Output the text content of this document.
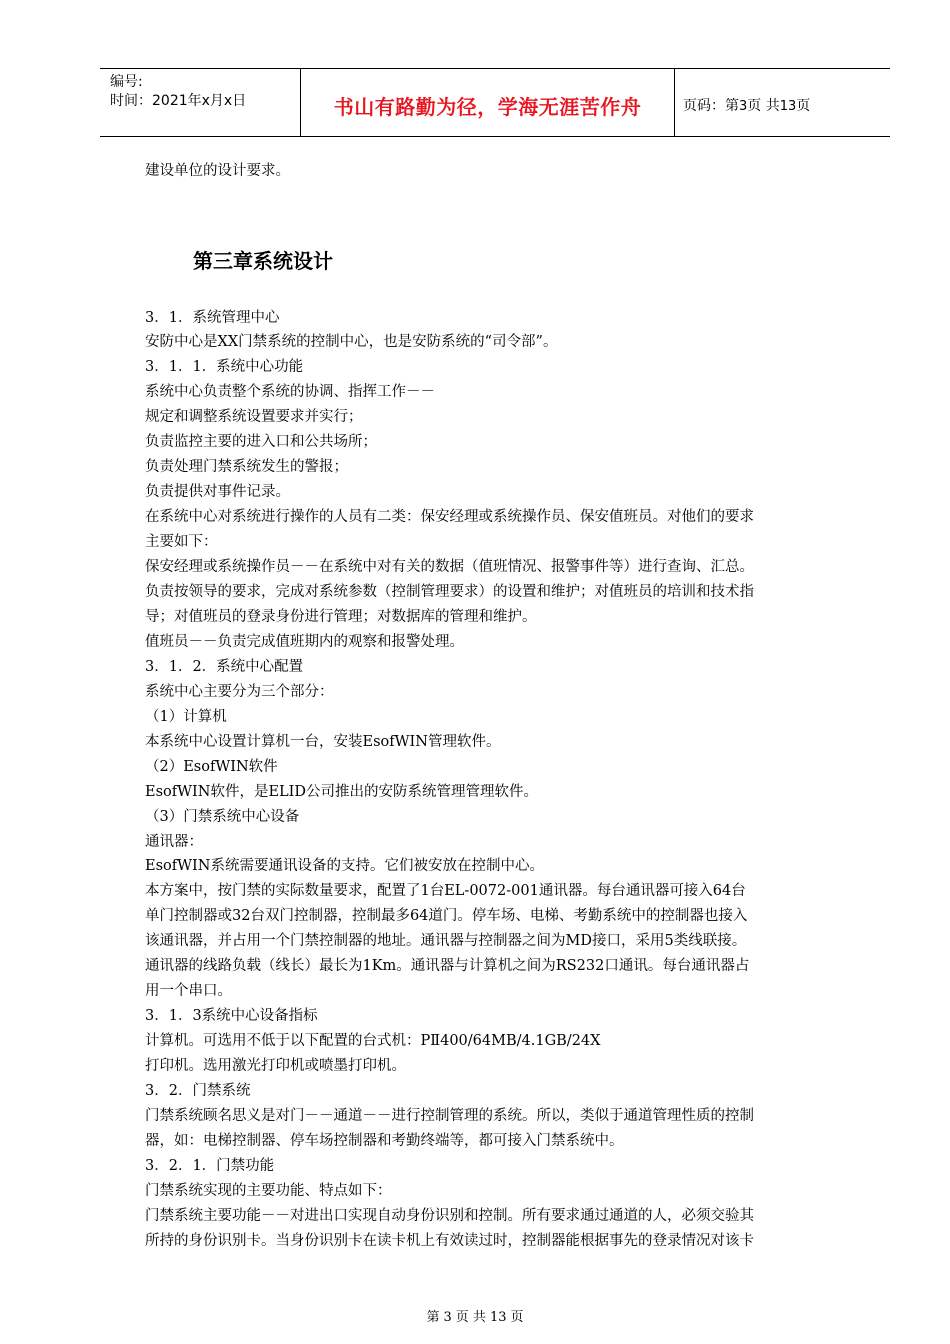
编号:
时间：2021年x月x日	书山有路勤为径，学海无涯苦作舟	页码：第3页 共13页
建设单位的设计要求。
第三章系统设计
3．1．系统管理中心
安防中心是XX门禁系统的控制中心，也是安防系统的“司令部”。
3．1．1．系统中心功能
系统中心负责整个系统的协调、指挥工作－－
规定和调整系统设置要求并实行；
负责监控主要的进入口和公共场所；
负责处理门禁系统发生的警报；
负责提供对事件记录。
在系统中心对系统进行操作的人员有二类：保安经理或系统操作员、保安值班员。对他们的要求
主要如下：
保安经理或系统操作员－－在系统中对有关的数据（值班情况、报警事件等）进行查询、汇总。
负责按领导的要求，完成对系统参数（控制管理要求）的设置和维护；对值班员的培训和技术指
导；对值班员的登录身份进行管理；对数据库的管理和维护。
值班员－－负责完成值班期内的观察和报警处理。
3．1．2．系统中心配置
系统中心主要分为三个部分：
（1）计算机
本系统中心设置计算机一台，安装EsofWIN管理软件。
（2）EsofWIN软件
EsofWIN软件，是ELID公司推出的安防系统管理管理软件。
（3）门禁系统中心设备
通讯器：
EsofWIN系统需要通讯设备的支持。它们被安放在控制中心。
本方案中，按门禁的实际数量要求，配置了1台EL-0072-001通讯器。每台通讯器可接入64台
单门控制器或32台双门控制器，控制最多64道门。停车场、电梯、考勤系统中的控制器也接入
该通讯器，并占用一个门禁控制器的地址。通讯器与控制器之间为MD接口，采用5类线联接。
通讯器的线路负载（线长）最长为1Km。通讯器与计算机之间为RS232口通讯。每台通讯器占
用一个串口。
3．1．3系统中心设备指标
计算机。可选用不低于以下配置的台式机：PⅡ400/64MB/4.1GB/24X
打印机。选用激光打印机或喷墨打印机。
3．2．门禁系统
门禁系统顾名思义是对门－－通道－－进行控制管理的系统。所以，类似于通道管理性质的控制
器，如：电梯控制器、停车场控制器和考勤终端等，都可接入门禁系统中。
3．2．1．门禁功能
门禁系统实现的主要功能、特点如下：
门禁系统主要功能－－对进出口实现自动身份识别和控制。所有要求通过通道的人，必须交验其
所持的身份识别卡。当身份识别卡在读卡机上有效读过时，控制器能根据事先的登录情况对该卡
第 3 页 共 13 页
